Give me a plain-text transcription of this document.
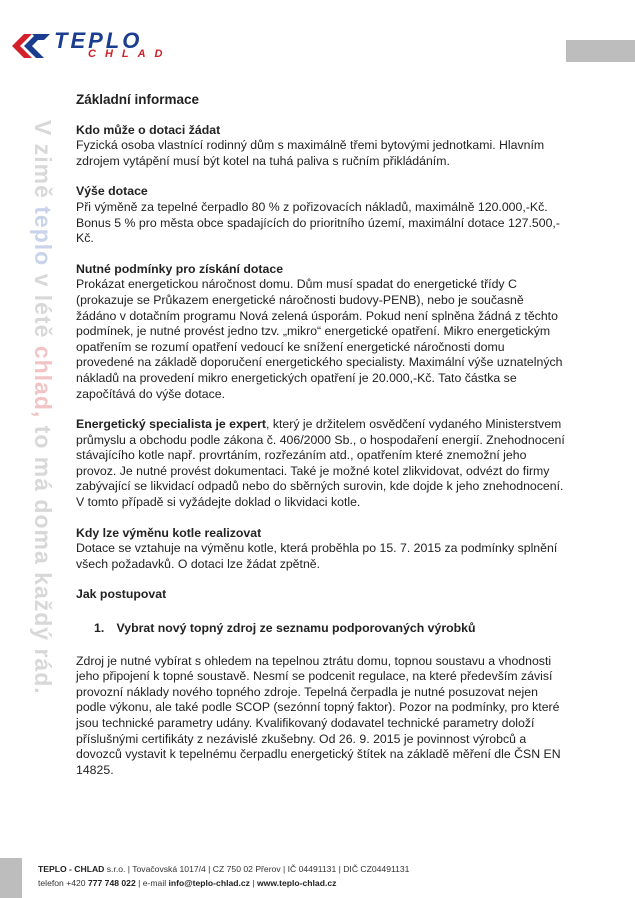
TEPLO
CHLAD
V zimě teplo v létě chlad, to má doma každý rád.
Základní informace
Kdo může o dotaci žádat

Fyzická osoba vlastnící rodinný dům s maximálně třemi bytovými jednotkami. Hlavním zdrojem vytápění musí být kotel na tuhá paliva s ručním přikládáním.

Výše dotace

Při výměně za tepelné čerpadlo 80 % z pořizovacích nákladů, maximálně 120.000,-Kč.

Bonus 5 % pro města obce spadajících do prioritního území, maximální dotace 127.500,-Kč.

Nutné podmínky pro získání dotace

Prokázat energetickou náročnost domu. Dům musí spadat do energetické třídy C (prokazuje se Průkazem energetické náročnosti budovy-PENB), nebo je současně žádáno v dotačním programu Nová zelená úsporám. Pokud není splněna žádná z těchto podmínek, je nutné provést jedno tzv. „mikro“ energetické opatření. Mikro energetickým opatřením se rozumí opatření vedoucí ke snížení energetické náročnosti domu provedené na základě doporučení energetického specialisty. Maximální výše uznatelných nákladů na provedení mikro energetických opatření je 20.000,-Kč. Tato částka se započítává do výše dotace.

Energetický specialista je expert, který je držitelem osvědčení vydaného Ministerstvem průmyslu a obchodu podle zákona č. 406/2000 Sb., o hospodaření energií. Znehodnocení stávajícího kotle např. provrtáním, rozřezáním atd., opatřením které znemožní jeho provoz. Je nutné provést dokumentaci. Také je možné kotel zlikvidovat, odvézt do firmy zabývající se likvidací odpadů nebo do sběrných surovin, kde dojde k jeho znehodnocení. V tomto případě si vyžádejte doklad o likvidaci kotle.

Kdy lze výměnu kotle realizovat

Dotace se vztahuje na výměnu kotle, která proběhla po 15. 7. 2015 za podmínky splnění všech požadavků. O dotaci lze žádat zpětně.

Jak postupovat
1. Vybrat nový topný zdroj ze seznamu podporovaných výrobků

Zdroj je nutné vybírat s ohledem na tepelnou ztrátu domu, topnou soustavu a vhodnosti jeho připojení k topné soustavě. Nesmí se podcenit regulace, na které především závisí provozní náklady nového topného zdroje. Tepelná čerpadla je nutné posuzovat nejen podle výkonu, ale také podle SCOP (sezónní topný faktor). Pozor na podmínky, pro které jsou technické parametry udány. Kvalifikovaný dodavatel technické parametry doloží příslušnými certifikáty z nezávislé zkušebny. Od 26. 9. 2015 je povinnost výrobců a dovozců vystavit k tepelnému čerpadlu energetický štítek na základě měření dle ČSN EN 14825.

TEPLO - CHLAD s.r.o. | Tovačovská 1017/4 | CZ 750 02 Přerov | IČ 04491131 | DIČ CZ04491131
telefon +420 777 748 022 | e-mail info@teplo-chlad.cz | www.teplo-chlad.cz
